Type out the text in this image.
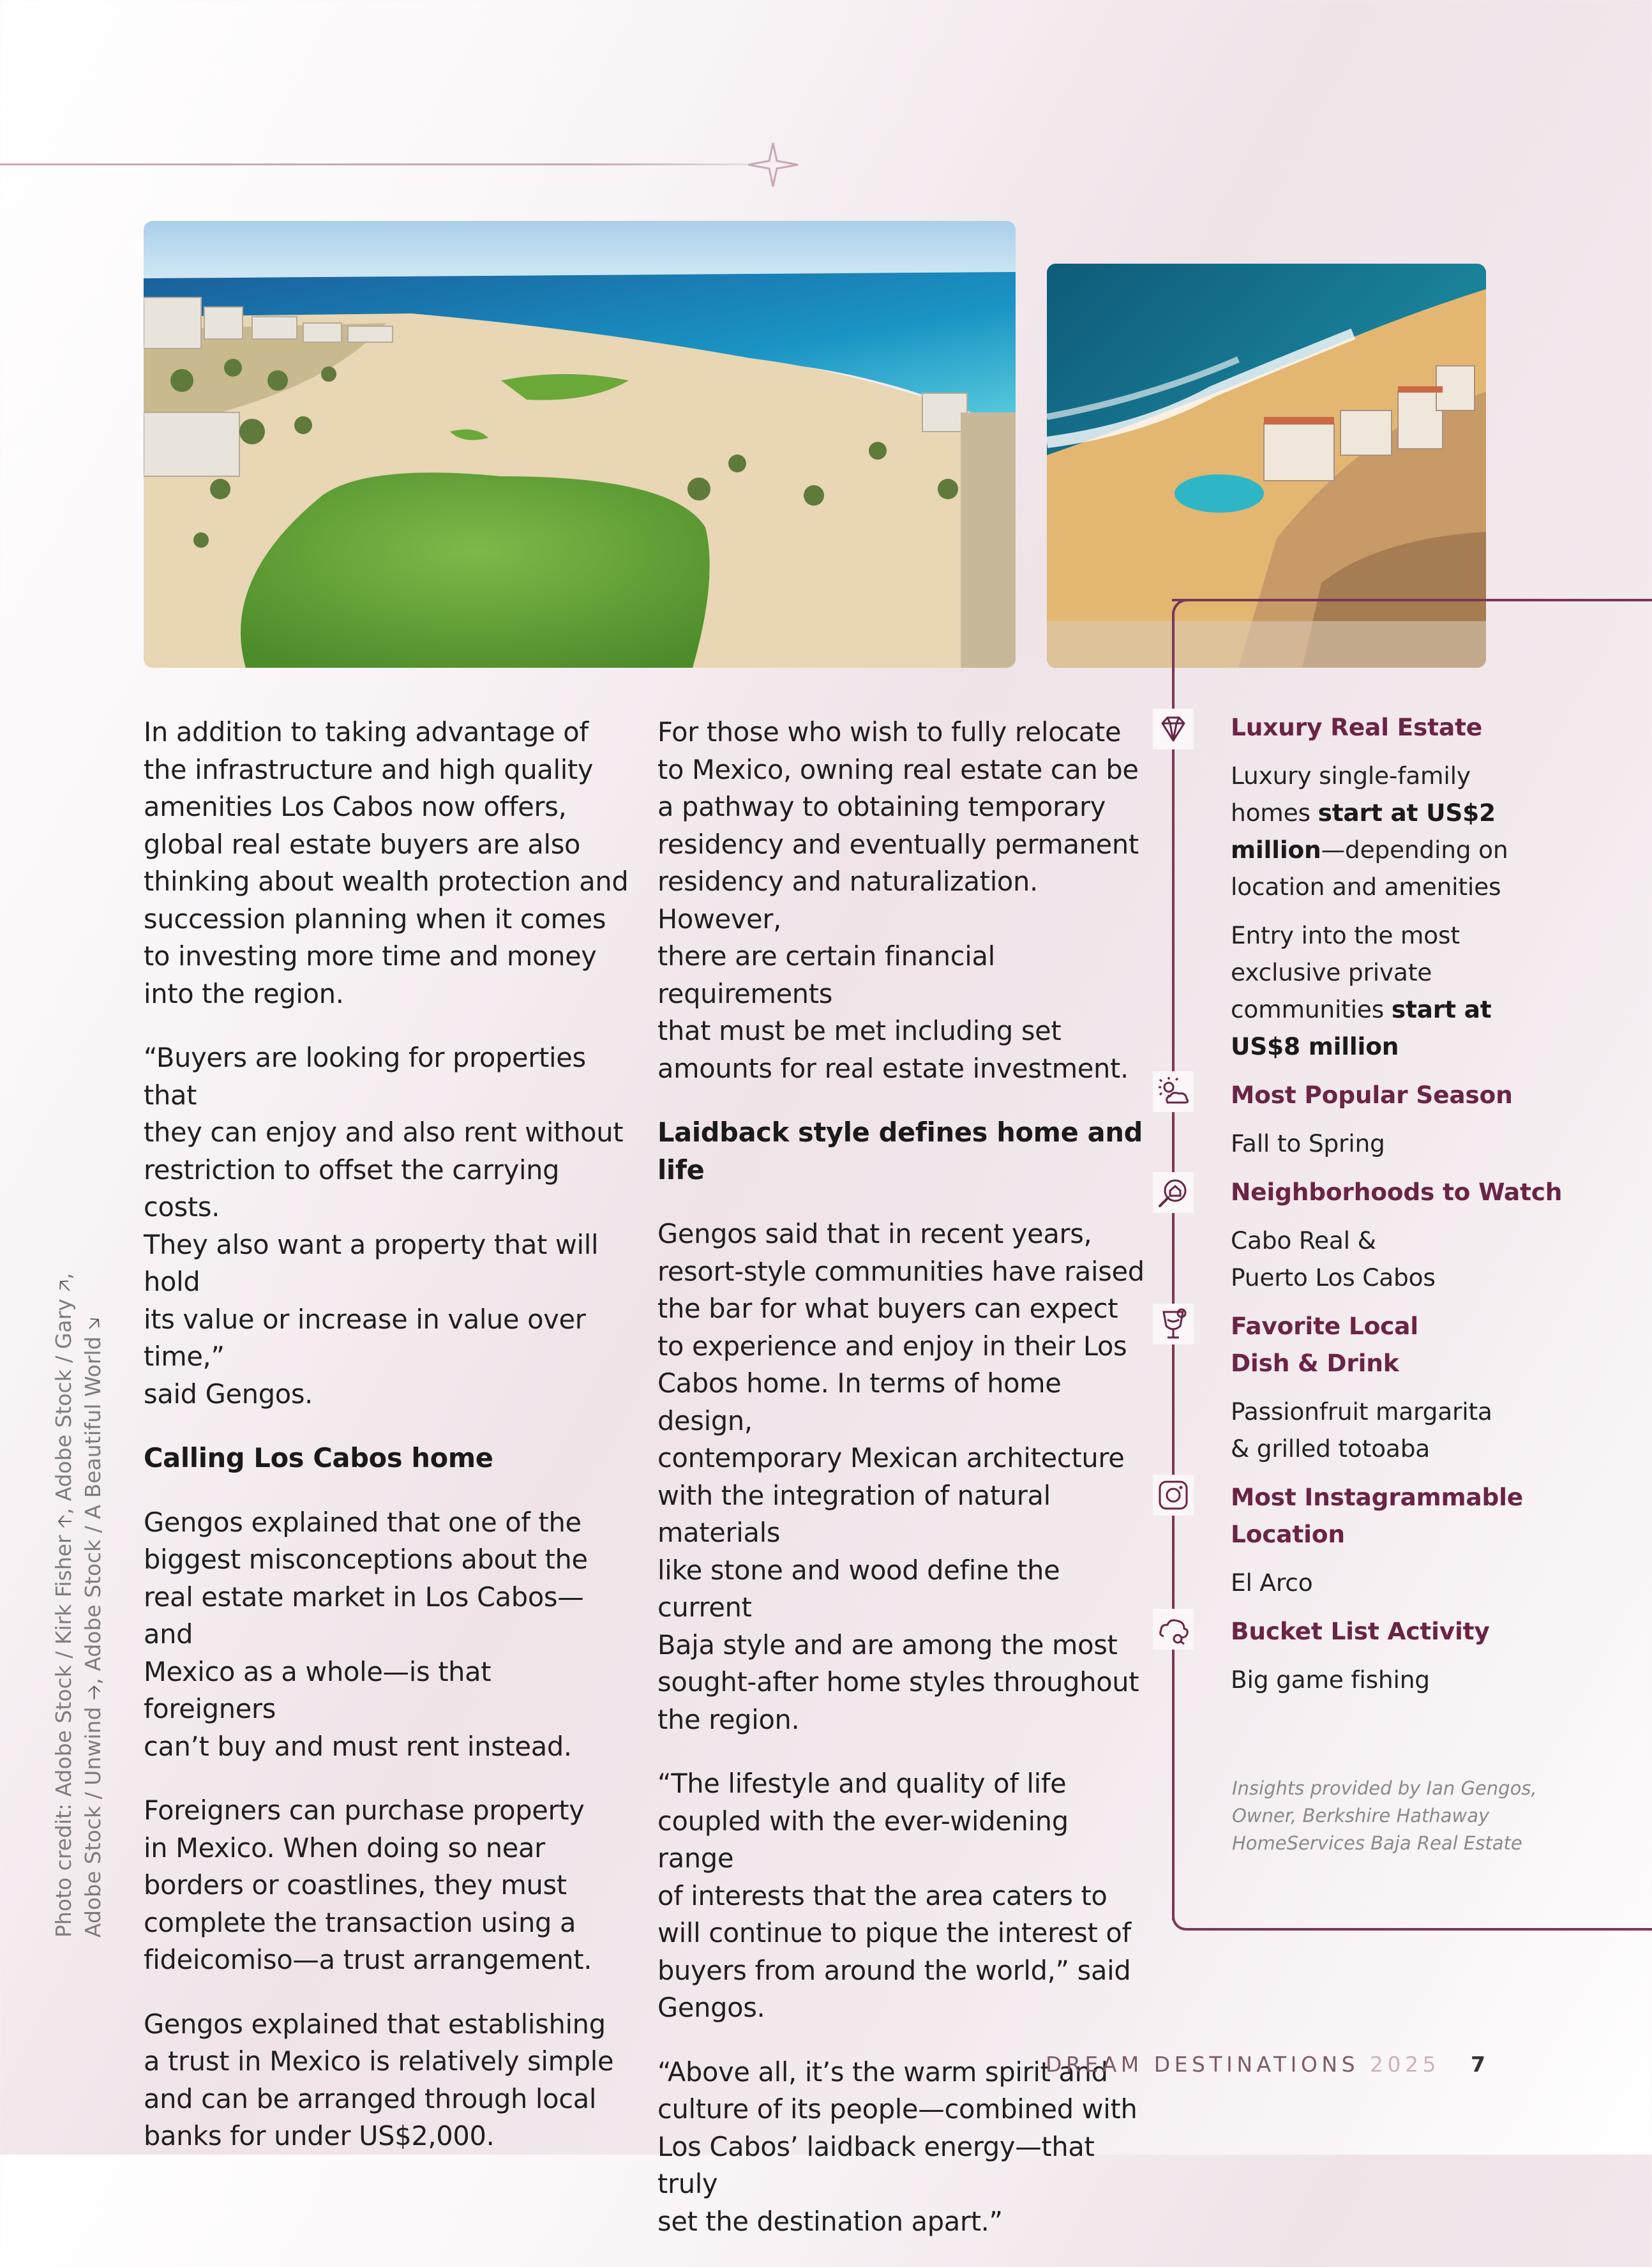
In addition to taking advantage of
the infrastructure and high quality
amenities Los Cabos now offers,
global real estate buyers are also
thinking about wealth protection and
succession planning when it comes
to investing more time and money
into the region.

“Buyers are looking for properties that
they can enjoy and also rent without
restriction to offset the carrying costs.
They also want a property that will hold
its value or increase in value over time,”
said Gengos.

Calling Los Cabos home

Gengos explained that one of the
biggest misconceptions about the
real estate market in Los Cabos—and
Mexico as a whole—is that foreigners
can’t buy and must rent instead.

Foreigners can purchase property
in Mexico. When doing so near
borders or coastlines, they must
complete the transaction using a
fideicomiso—a trust arrangement.

Gengos explained that establishing
a trust in Mexico is relatively simple
and can be arranged through local
banks for under US$2,000.

For those who wish to fully relocate
to Mexico, owning real estate can be
a pathway to obtaining temporary
residency and eventually permanent
residency and naturalization. However,
there are certain financial requirements
that must be met including set
amounts for real estate investment.

Laidback style defines home and life

Gengos said that in recent years,
resort-style communities have raised
the bar for what buyers can expect
to experience and enjoy in their Los
Cabos home. In terms of home design,
contemporary Mexican architecture
with the integration of natural materials
like stone and wood define the current
Baja style and are among the most
sought-after home styles throughout
the region.

“The lifestyle and quality of life
coupled with the ever-widening range
of interests that the area caters to
will continue to pique the interest of
buyers from around the world,” said
Gengos.

“Above all, it’s the warm spirit and
culture of its people—combined with
Los Cabos’ laidback energy—that truly
set the destination apart.”

Luxury Real Estate
Luxury single-family
homes start at US$2
million—depending on
location and amenities
Entry into the most
exclusive private
communities start at
US$8 million
Most Popular Season
Fall to Spring
Neighborhoods to Watch
Cabo Real &
Puerto Los Cabos
Favorite Local
Dish & Drink
Passionfruit margarita
& grilled totoaba
Most Instagrammable
Location
El Arco
Bucket List Activity
Big game fishing
Insights provided by Ian Gengos,
Owner, Berkshire Hathaway
HomeServices Baja Real Estate
Photo credit: Adobe Stock / Kirk Fisher 🡡, Adobe Stock / Gary 🡥,
Adobe Stock / Unwind 🡢, Adobe Stock / A Beautiful World 🡦
DREAM DESTINATIONS 2025 7
